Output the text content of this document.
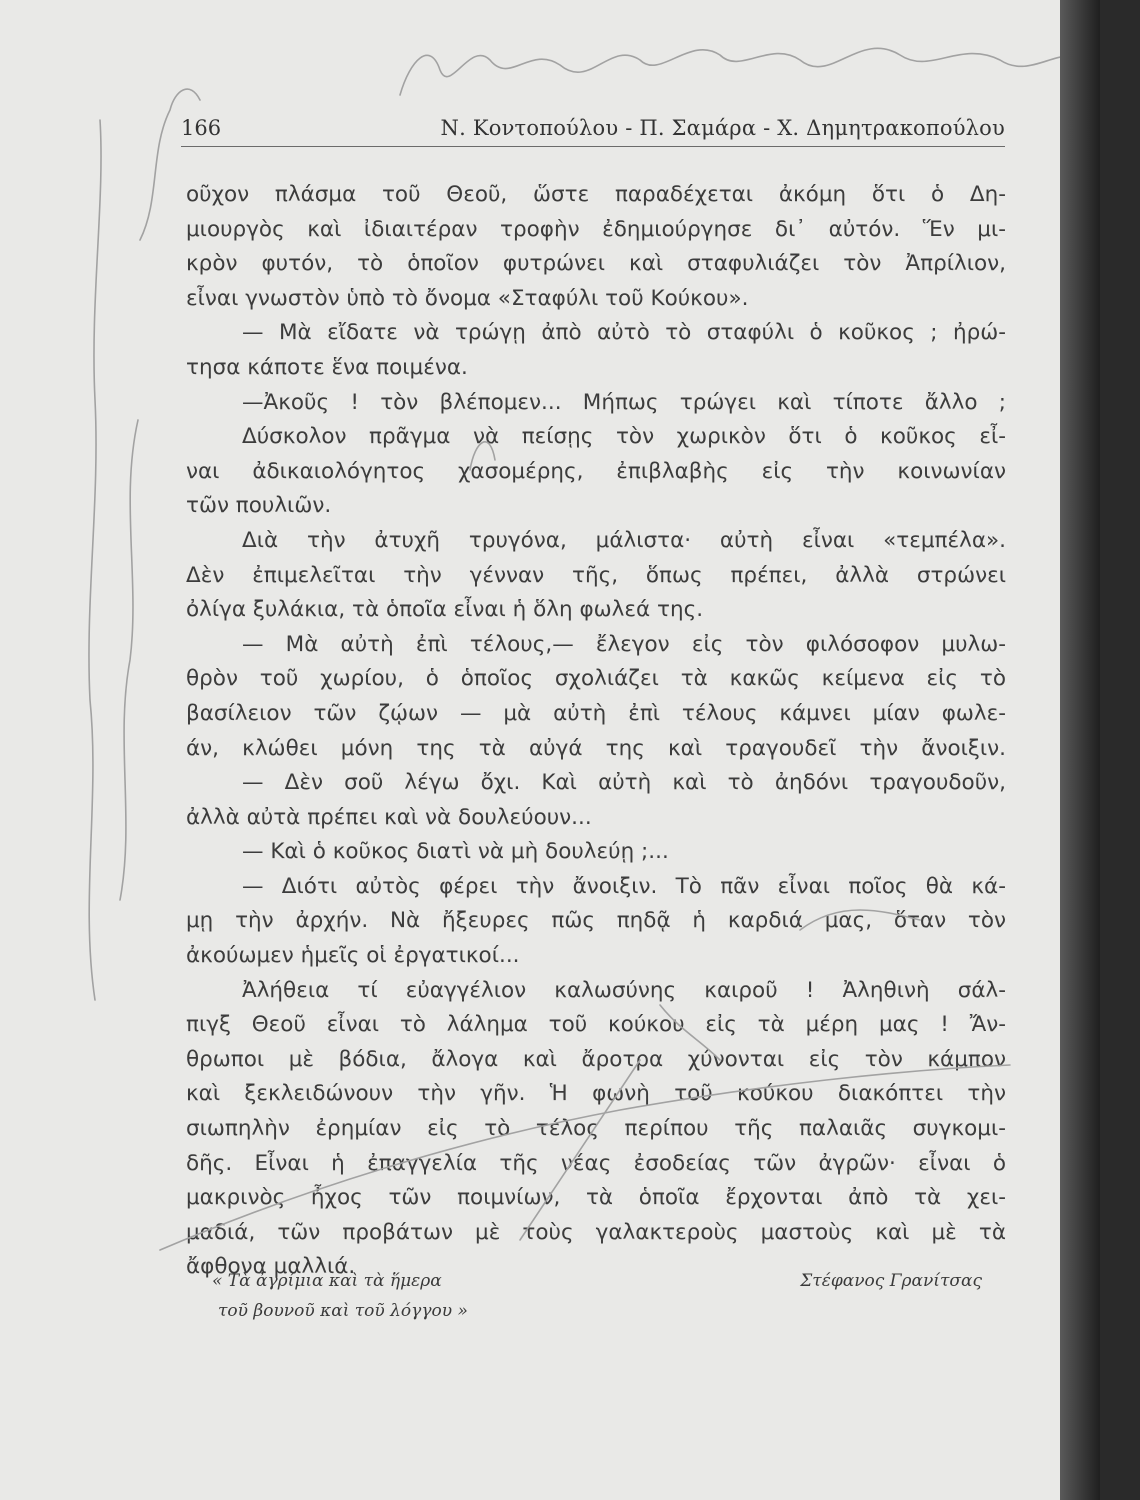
166	Ν. Κοντοπούλου - Π. Σαμάρα - Χ. Δημητρακοπούλου
οῦχον πλάσμα τοῦ Θεοῦ, ὥστε παραδέχεται ἀκόμη ὅτι ὁ Δη-
μιουργὸς καὶ ἰδιαιτέραν τροφὴν ἐδημιούργησε δι᾽ αὐτόν. Ἕν μι-
κρὸν φυτόν, τὸ ὁποῖον φυτρώνει καὶ σταφυλιάζει τὸν Ἀπρίλιον,
εἶναι γνωστὸν ὑπὸ τὸ ὄνομα «Σταφύλι τοῦ Κούκου».
— Μὰ εἴδατε νὰ τρώγῃ ἀπὸ αὐτὸ τὸ σταφύλι ὁ κοῦκος ; ἠρώ-
τησα κάποτε ἕνα ποιμένα.
—Ἀκοῦς ! τὸν βλέπομεν... Μήπως τρώγει καὶ τίποτε ἄλλο ;
Δύσκολον πρᾶγμα νὰ πείσῃς τὸν χωρικὸν ὅτι ὁ κοῦκος εἶ-
ναι ἀδικαιολόγητος χασομέρης, ἐπιβλαβὴς εἰς τὴν κοινωνίαν
τῶν πουλιῶν.
Διὰ τὴν ἀτυχῆ τρυγόνα, μάλιστα· αὐτὴ εἶναι «τεμπέλα».
Δὲν ἐπιμελεῖται τὴν γένναν τῆς, ὅπως πρέπει, ἀλλὰ στρώνει
ὀλίγα ξυλάκια, τὰ ὁποῖα εἶναι ἡ ὅλη φωλεά της.
— Μὰ αὐτὴ ἐπὶ τέλους,— ἔλεγον εἰς τὸν φιλόσοφον μυλω-
θρὸν τοῦ χωρίου, ὁ ὁποῖος σχολιάζει τὰ κακῶς κείμενα εἰς τὸ
βασίλειον τῶν ζῴων — μὰ αὐτὴ ἐπὶ τέλους κάμνει μίαν φωλε-
άν, κλώθει μόνη της τὰ αὐγά της καὶ τραγουδεῖ τὴν ἄνοιξιν.
— Δὲν σοῦ λέγω ὄχι. Καὶ αὐτὴ καὶ τὸ ἀηδόνι τραγουδοῦν,
ἀλλὰ αὐτὰ πρέπει καὶ νὰ δουλεύουν...
— Καὶ ὁ κοῦκος διατὶ νὰ μὴ δουλεύῃ ;...
— Διότι αὐτὸς φέρει τὴν ἄνοιξιν. Τὸ πᾶν εἶναι ποῖος θὰ κά-
μῃ τὴν ἀρχήν. Νὰ ἤξευρες πῶς πηδᾷ ἡ καρδιά μας, ὅταν τὸν
ἀκούωμεν ἡμεῖς οἱ ἐργατικοί...
Ἀλήθεια τί εὐαγγέλιον καλωσύνης καιροῦ ! Ἀληθινὴ σάλ-
πιγξ Θεοῦ εἶναι τὸ λάλημα τοῦ κούκου εἰς τὰ μέρη μας ! Ἄν-
θρωποι μὲ βόδια, ἄλογα καὶ ἄροτρα χύνονται εἰς τὸν κάμπον
καὶ ξεκλειδώνουν τὴν γῆν. Ἡ φωνὴ τοῦ κούκου διακόπτει τὴν
σιωπηλὴν ἐρημίαν εἰς τὸ τέλος περίπου τῆς παλαιᾶς συγκομι-
δῆς. Εἶναι ἡ ἐπαγγελία τῆς νέας ἐσοδείας τῶν ἀγρῶν· εἶναι ὁ
μακρινὸς ἦχος τῶν ποιμνίων, τὰ ὁποῖα ἔρχονται ἀπὸ τὰ χει-
μαδιά, τῶν προβάτων μὲ τοὺς γαλακτεροὺς μαστοὺς καὶ μὲ τὰ
ἄφθονα μαλλιά.
« Τὰ ἀγρίμια καὶ τὰ ἥμερα
τοῦ βουνοῦ καὶ τοῦ λόγγου »
Στέφανος Γρανίτσας
